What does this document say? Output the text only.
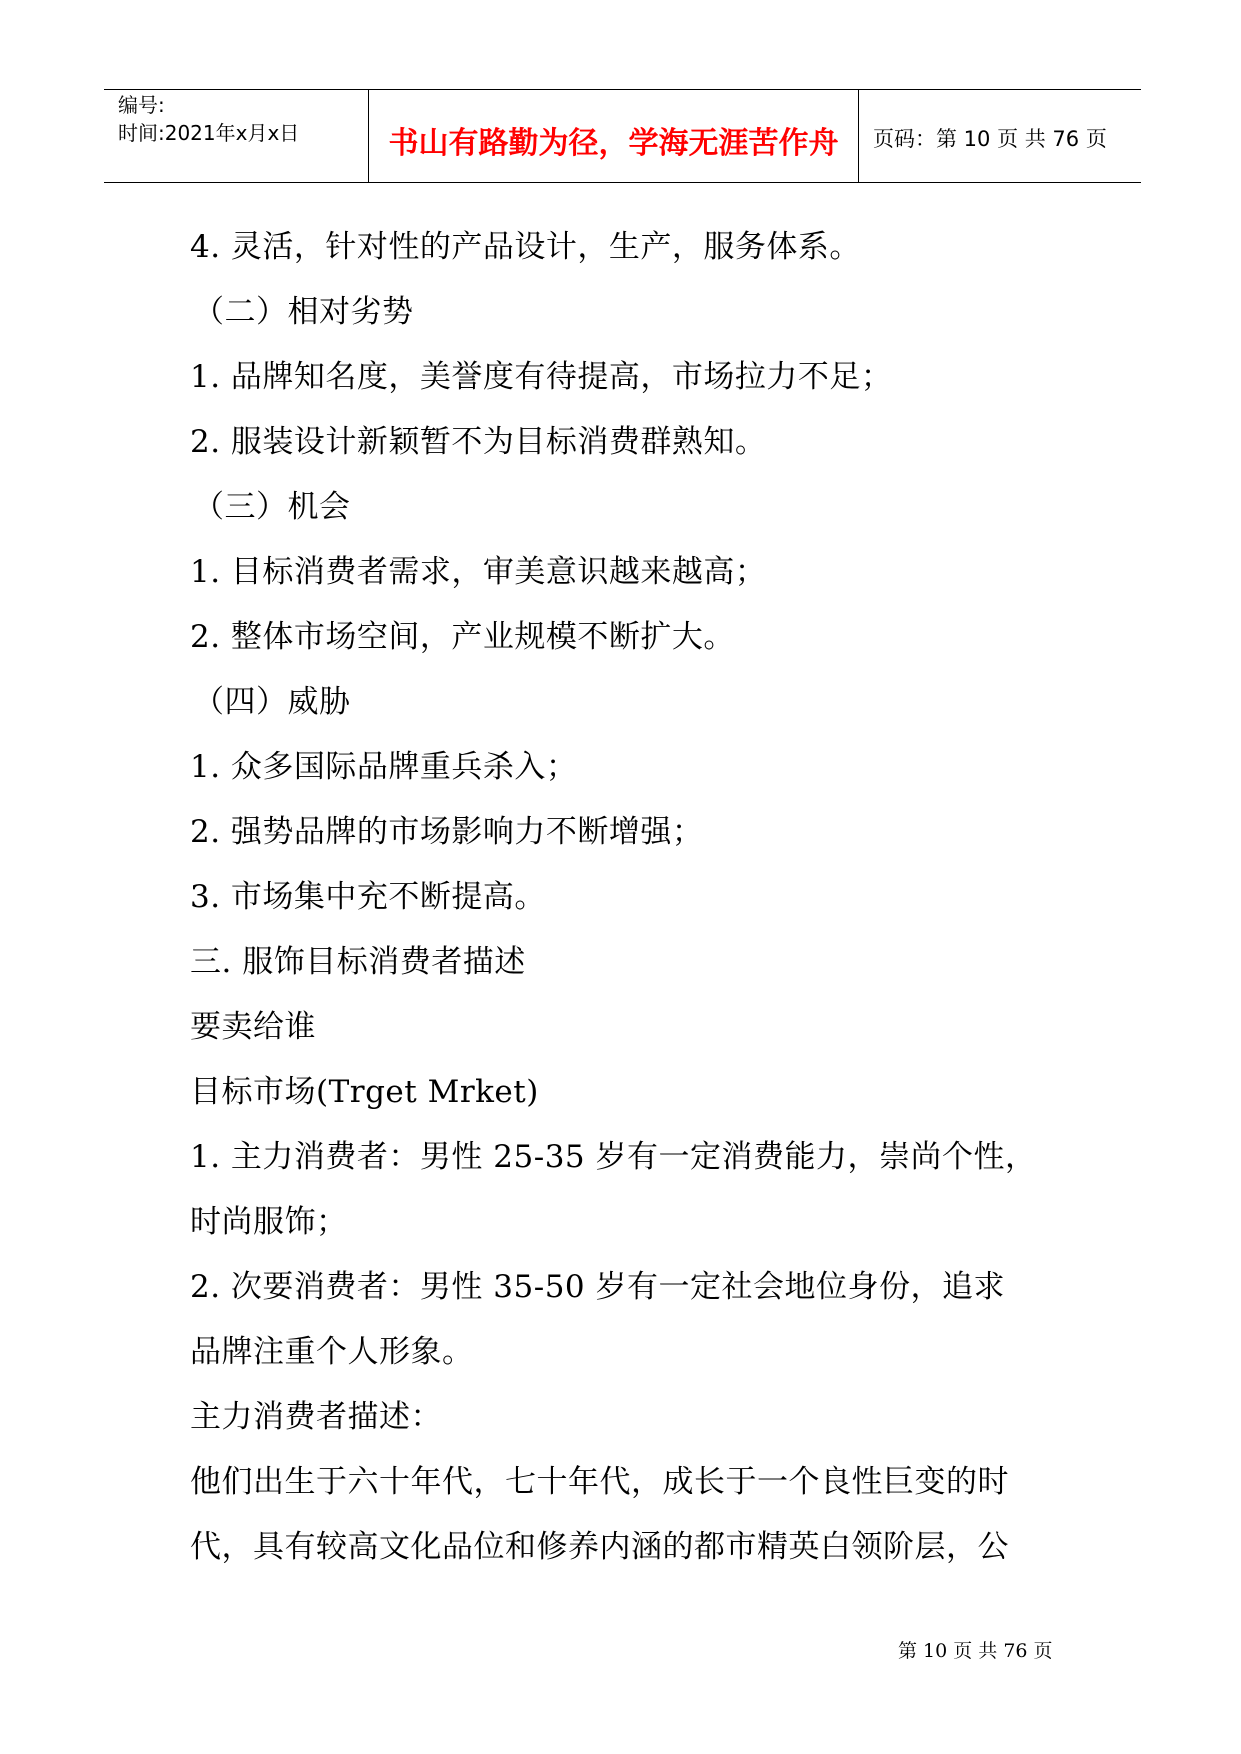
编号:
时间:2021年x月x日	书山有路勤为径，学海无涯苦作舟	页码：第 10 页 共 76 页
4. 灵活，针对性的产品设计，生产，服务体系。
（二）相对劣势
1. 品牌知名度，美誉度有待提高，市场拉力不足；
2. 服装设计新颖暂不为目标消费群熟知。
（三）机会
1. 目标消费者需求，审美意识越来越高；
2. 整体市场空间，产业规模不断扩大。
（四）威胁
1. 众多国际品牌重兵杀入；
2. 强势品牌的市场影响力不断增强；
3. 市场集中充不断提高。
三. 服饰目标消费者描述
要卖给谁
目标市场(Trget Mrket)
1. 主力消费者：男性 25-35 岁有一定消费能力，崇尚个性，
时尚服饰；
2. 次要消费者：男性 35-50 岁有一定社会地位身份，追求
品牌注重个人形象。
主力消费者描述：
他们出生于六十年代，七十年代，成长于一个良性巨变的时
代，具有较高文化品位和修养内涵的都市精英白领阶层，公
第 10 页 共 76 页
